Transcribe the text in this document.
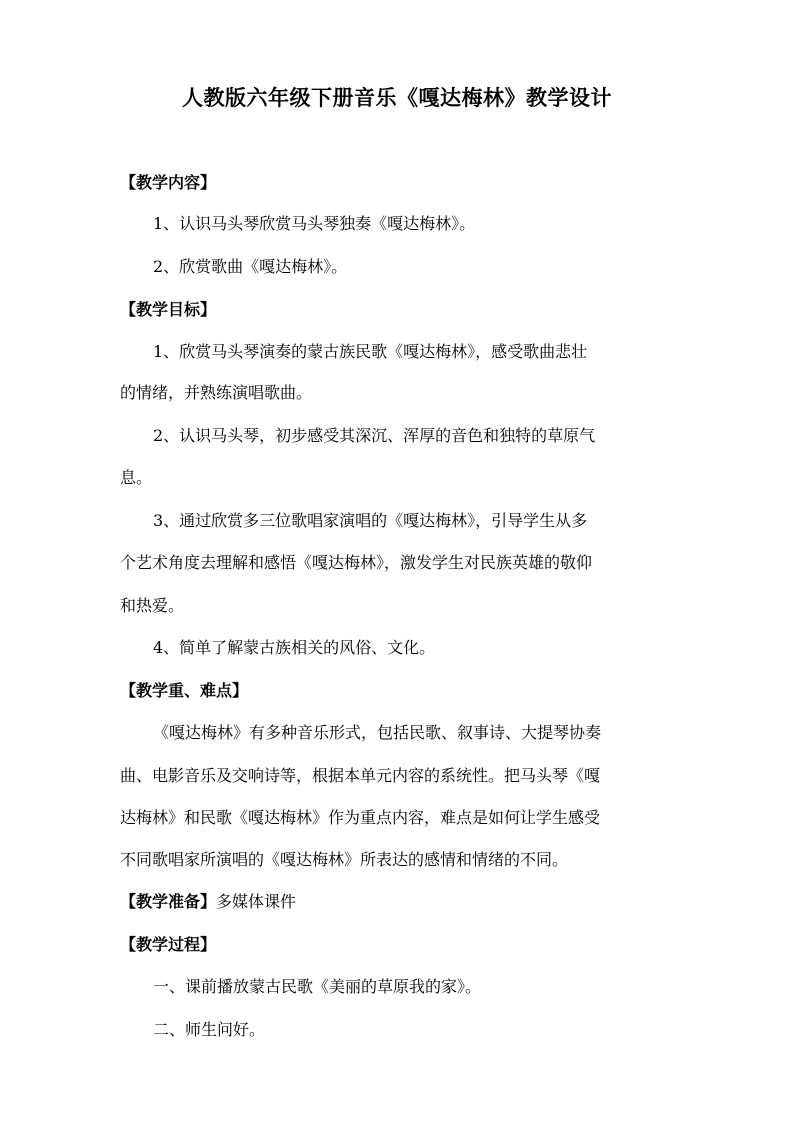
人教版六年级下册音乐《嘎达梅林》教学设计
【教学内容】
1、认识马头琴欣赏马头琴独奏《嘎达梅林》。
2、欣赏歌曲《嘎达梅林》。
【教学目标】
1、欣赏马头琴演奏的蒙古族民歌《嘎达梅林》，感受歌曲悲壮
的情绪，并熟练演唱歌曲。
2、认识马头琴，初步感受其深沉、浑厚的音色和独特的草原气
息。
3、通过欣赏多三位歌唱家演唱的《嘎达梅林》，引导学生从多
个艺术角度去理解和感悟《嘎达梅林》，激发学生对民族英雄的敬仰
和热爱。
4、简单了解蒙古族相关的风俗、文化。
【教学重、难点】
《嘎达梅林》有多种音乐形式，包括民歌、叙事诗、大提琴协奏
曲、电影音乐及交响诗等，根据本单元内容的系统性。把马头琴《嘎
达梅林》和民歌《嘎达梅林》作为重点内容，难点是如何让学生感受
不同歌唱家所演唱的《嘎达梅林》所表达的感情和情绪的不同。
【教学准备】多媒体课件
【教学过程】
一、课前播放蒙古民歌《美丽的草原我的家》。
二、师生问好。
